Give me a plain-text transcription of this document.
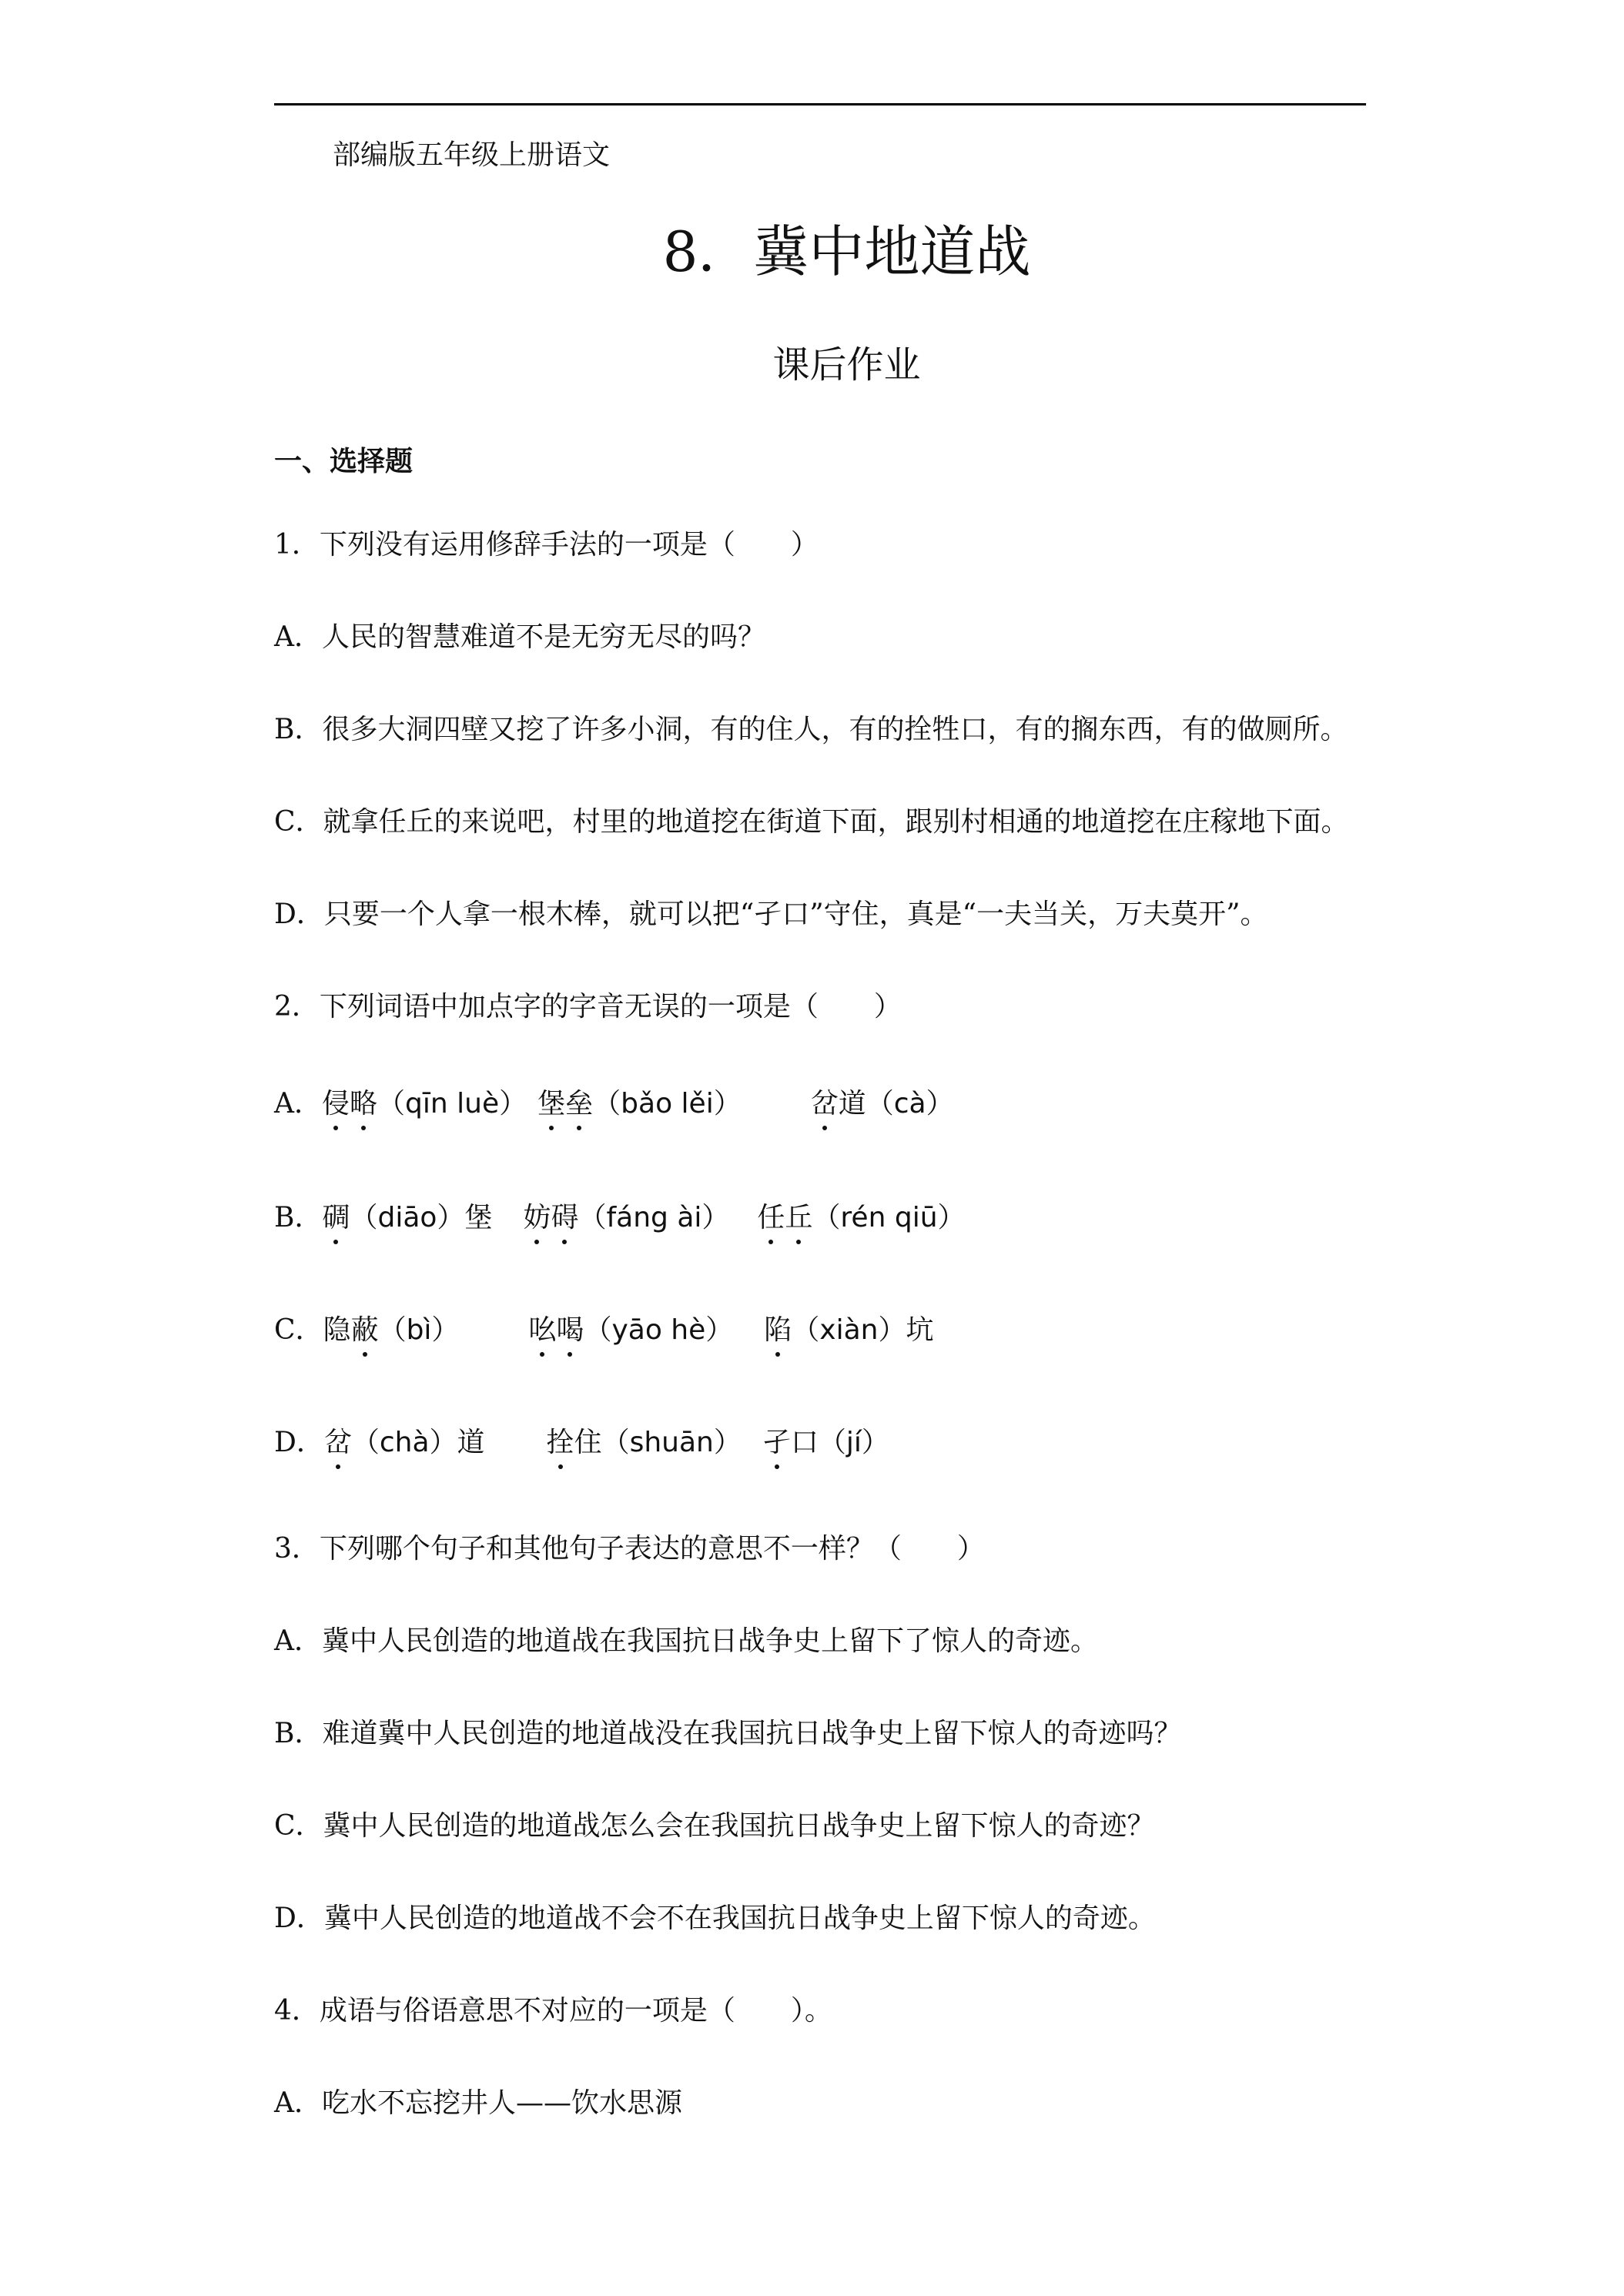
部编版五年级上册语文
8．冀中地道战
课后作业
一、选择题
1．下列没有运用修辞手法的一项是（　　）
A．人民的智慧难道不是无穷无尽的吗？
B．很多大洞四壁又挖了许多小洞，有的住人，有的拴牲口，有的搁东西，有的做厕所。
C．就拿任丘的来说吧，村里的地道挖在街道下面，跟别村相通的地道挖在庄稼地下面。
D．只要一个人拿一根木棒，就可以把“孑口”守住，真是“一夫当关，万夫莫开”。
2．下列词语中加点字的字音无误的一项是（　　）
A．侵略（qīn luè） 堡垒（bǎo lěi）	岔道（cà）
B．碉（diāo）堡 妨碍（fáng ài） 任丘（rén qiū）
C．隐蔽（bì）	吆喝（yāo hè） 陷（xiàn）坑
D．岔（chà）道 拴住（shuān） 孑口（jí）
3．下列哪个句子和其他句子表达的意思不一样？（　　）
A．冀中人民创造的地道战在我国抗日战争史上留下了惊人的奇迹。
B．难道冀中人民创造的地道战没在我国抗日战争史上留下惊人的奇迹吗？
C．冀中人民创造的地道战怎么会在我国抗日战争史上留下惊人的奇迹？
D．冀中人民创造的地道战不会不在我国抗日战争史上留下惊人的奇迹。
4．成语与俗语意思不对应的一项是（　　）。
A．吃水不忘挖井人——饮水思源
